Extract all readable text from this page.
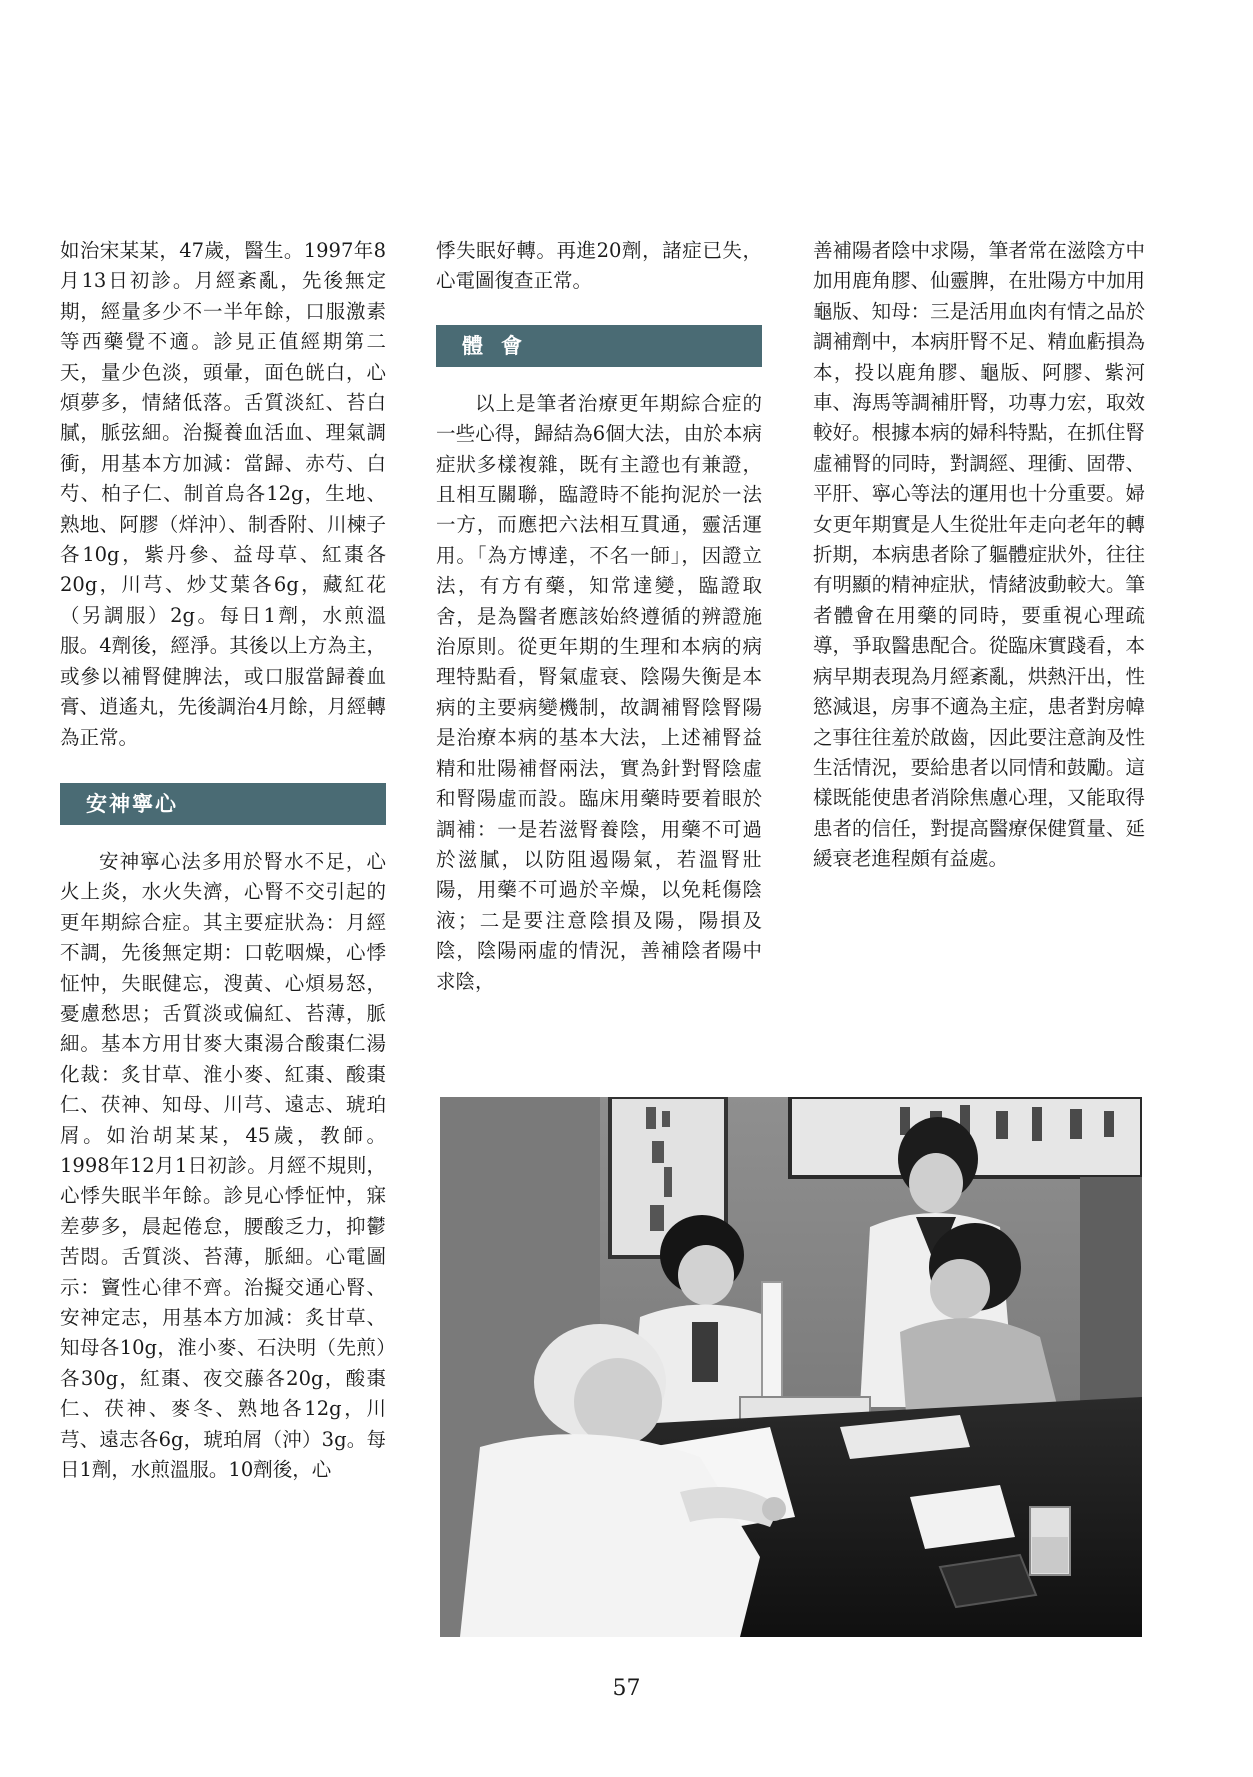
如治宋某某，47歲，醫生。1997年8月13日初診。月經紊亂，先後無定期，經量多少不一半年餘，口服激素等西藥覺不適。診見正值經期第二天，量少色淡，頭暈，面色㿠白，心煩夢多，情緒低落。舌質淡紅、苔白膩，脈弦細。治擬養血活血、理氣調衝，用基本方加減：當歸、赤芍、白芍、柏子仁、制首烏各12g，生地、熟地、阿膠（烊沖）、制香附、川楝子各10g，紫丹參、益母草、紅棗各20g，川芎、炒艾葉各6g，藏紅花（另調服）2g。每日1劑，水煎溫服。4劑後，經淨。其後以上方為主，或參以補腎健脾法，或口服當歸養血膏、逍遙丸，先後調治4月餘，月經轉為正常。

安神寧心

安神寧心法多用於腎水不足，心火上炎，水火失濟，心腎不交引起的更年期綜合症。其主要症狀為：月經不調，先後無定期：口乾咽燥，心悸怔忡，失眠健忘，溲黃、心煩易怒，憂慮愁思；舌質淡或偏紅、苔薄，脈細。基本方用甘麥大棗湯合酸棗仁湯化裁：炙甘草、淮小麥、紅棗、酸棗仁、茯神、知母、川芎、遠志、琥珀屑。如治胡某某，45歲，教師。1998年12月1日初診。月經不規則，心悸失眠半年餘。診見心悸怔忡，寐差夢多，晨起倦怠，腰酸乏力，抑鬱苦悶。舌質淡、苔薄，脈細。心電圖示：竇性心律不齊。治擬交通心腎、安神定志，用基本方加減：炙甘草、知母各10g，淮小麥、石決明（先煎）各30g，紅棗、夜交藤各20g，酸棗仁、茯神、麥冬、熟地各12g，川芎、遠志各6g，琥珀屑（沖）3g。每日1劑，水煎溫服。10劑後，心

悸失眠好轉。再進20劑，諸症已失，心電圖復查正常。

體會

以上是筆者治療更年期綜合症的一些心得，歸結為6個大法，由於本病症狀多樣複雜，既有主證也有兼證，且相互關聯，臨證時不能拘泥於一法一方，而應把六法相互貫通，靈活運用。「為方博達，不名一師」，因證立法，有方有藥，知常達變，臨證取舍，是為醫者應該始終遵循的辨證施治原則。從更年期的生理和本病的病理特點看，腎氣虛衰、陰陽失衡是本病的主要病變機制，故調補腎陰腎陽是治療本病的基本大法，上述補腎益精和壯陽補督兩法，實為針對腎陰虛和腎陽虛而設。臨床用藥時要着眼於調補：一是若滋腎養陰，用藥不可過於滋膩，以防阻遏陽氣，若溫腎壯陽，用藥不可過於辛燥，以免耗傷陰液；二是要注意陰損及陽，陽損及陰，陰陽兩虛的情況，善補陰者陽中求陰，

善補陽者陰中求陽，筆者常在滋陰方中加用鹿角膠、仙靈脾，在壯陽方中加用龜版、知母：三是活用血肉有情之品於調補劑中，本病肝腎不足、精血虧損為本，投以鹿角膠、龜版、阿膠、紫河車、海馬等調補肝腎，功專力宏，取效較好。根據本病的婦科特點，在抓住腎虛補腎的同時，對調經、理衝、固帶、平肝、寧心等法的運用也十分重要。婦女更年期實是人生從壯年走向老年的轉折期，本病患者除了軀體症狀外，往往有明顯的精神症狀，情緒波動較大。筆者體會在用藥的同時，要重視心理疏導，爭取醫患配合。從臨床實踐看，本病早期表現為月經紊亂，烘熱汗出，性慾減退，房事不適為主症，患者對房幃之事往往羞於啟齒，因此要注意詢及性生活情況，要給患者以同情和鼓勵。這樣既能使患者消除焦慮心理，又能取得患者的信任，對提高醫療保健質量、延緩衰老進程頗有益處。

57
